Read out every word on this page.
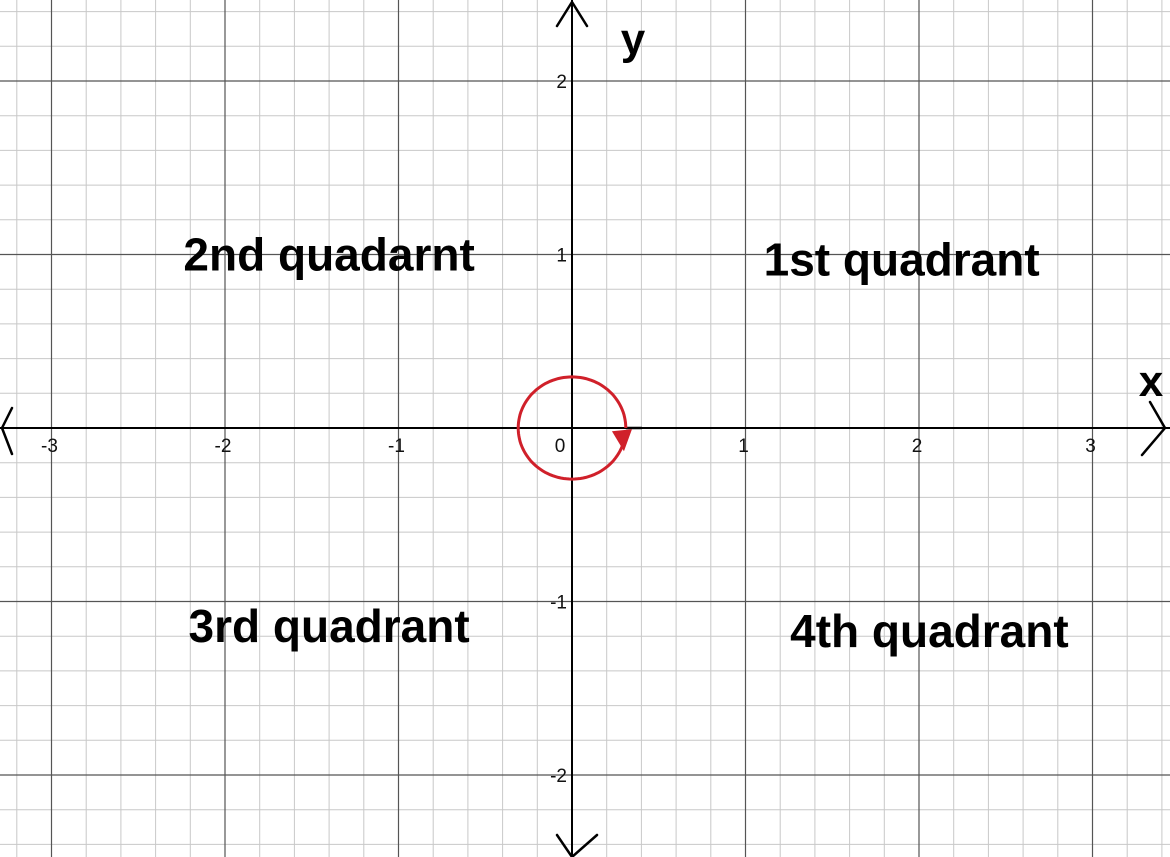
-3	-2	-1	0	1	2	3
2
1
-1
-2
x
y
2nd quadarnt	1st quadrant
3rd quadrant	4th quadrant
